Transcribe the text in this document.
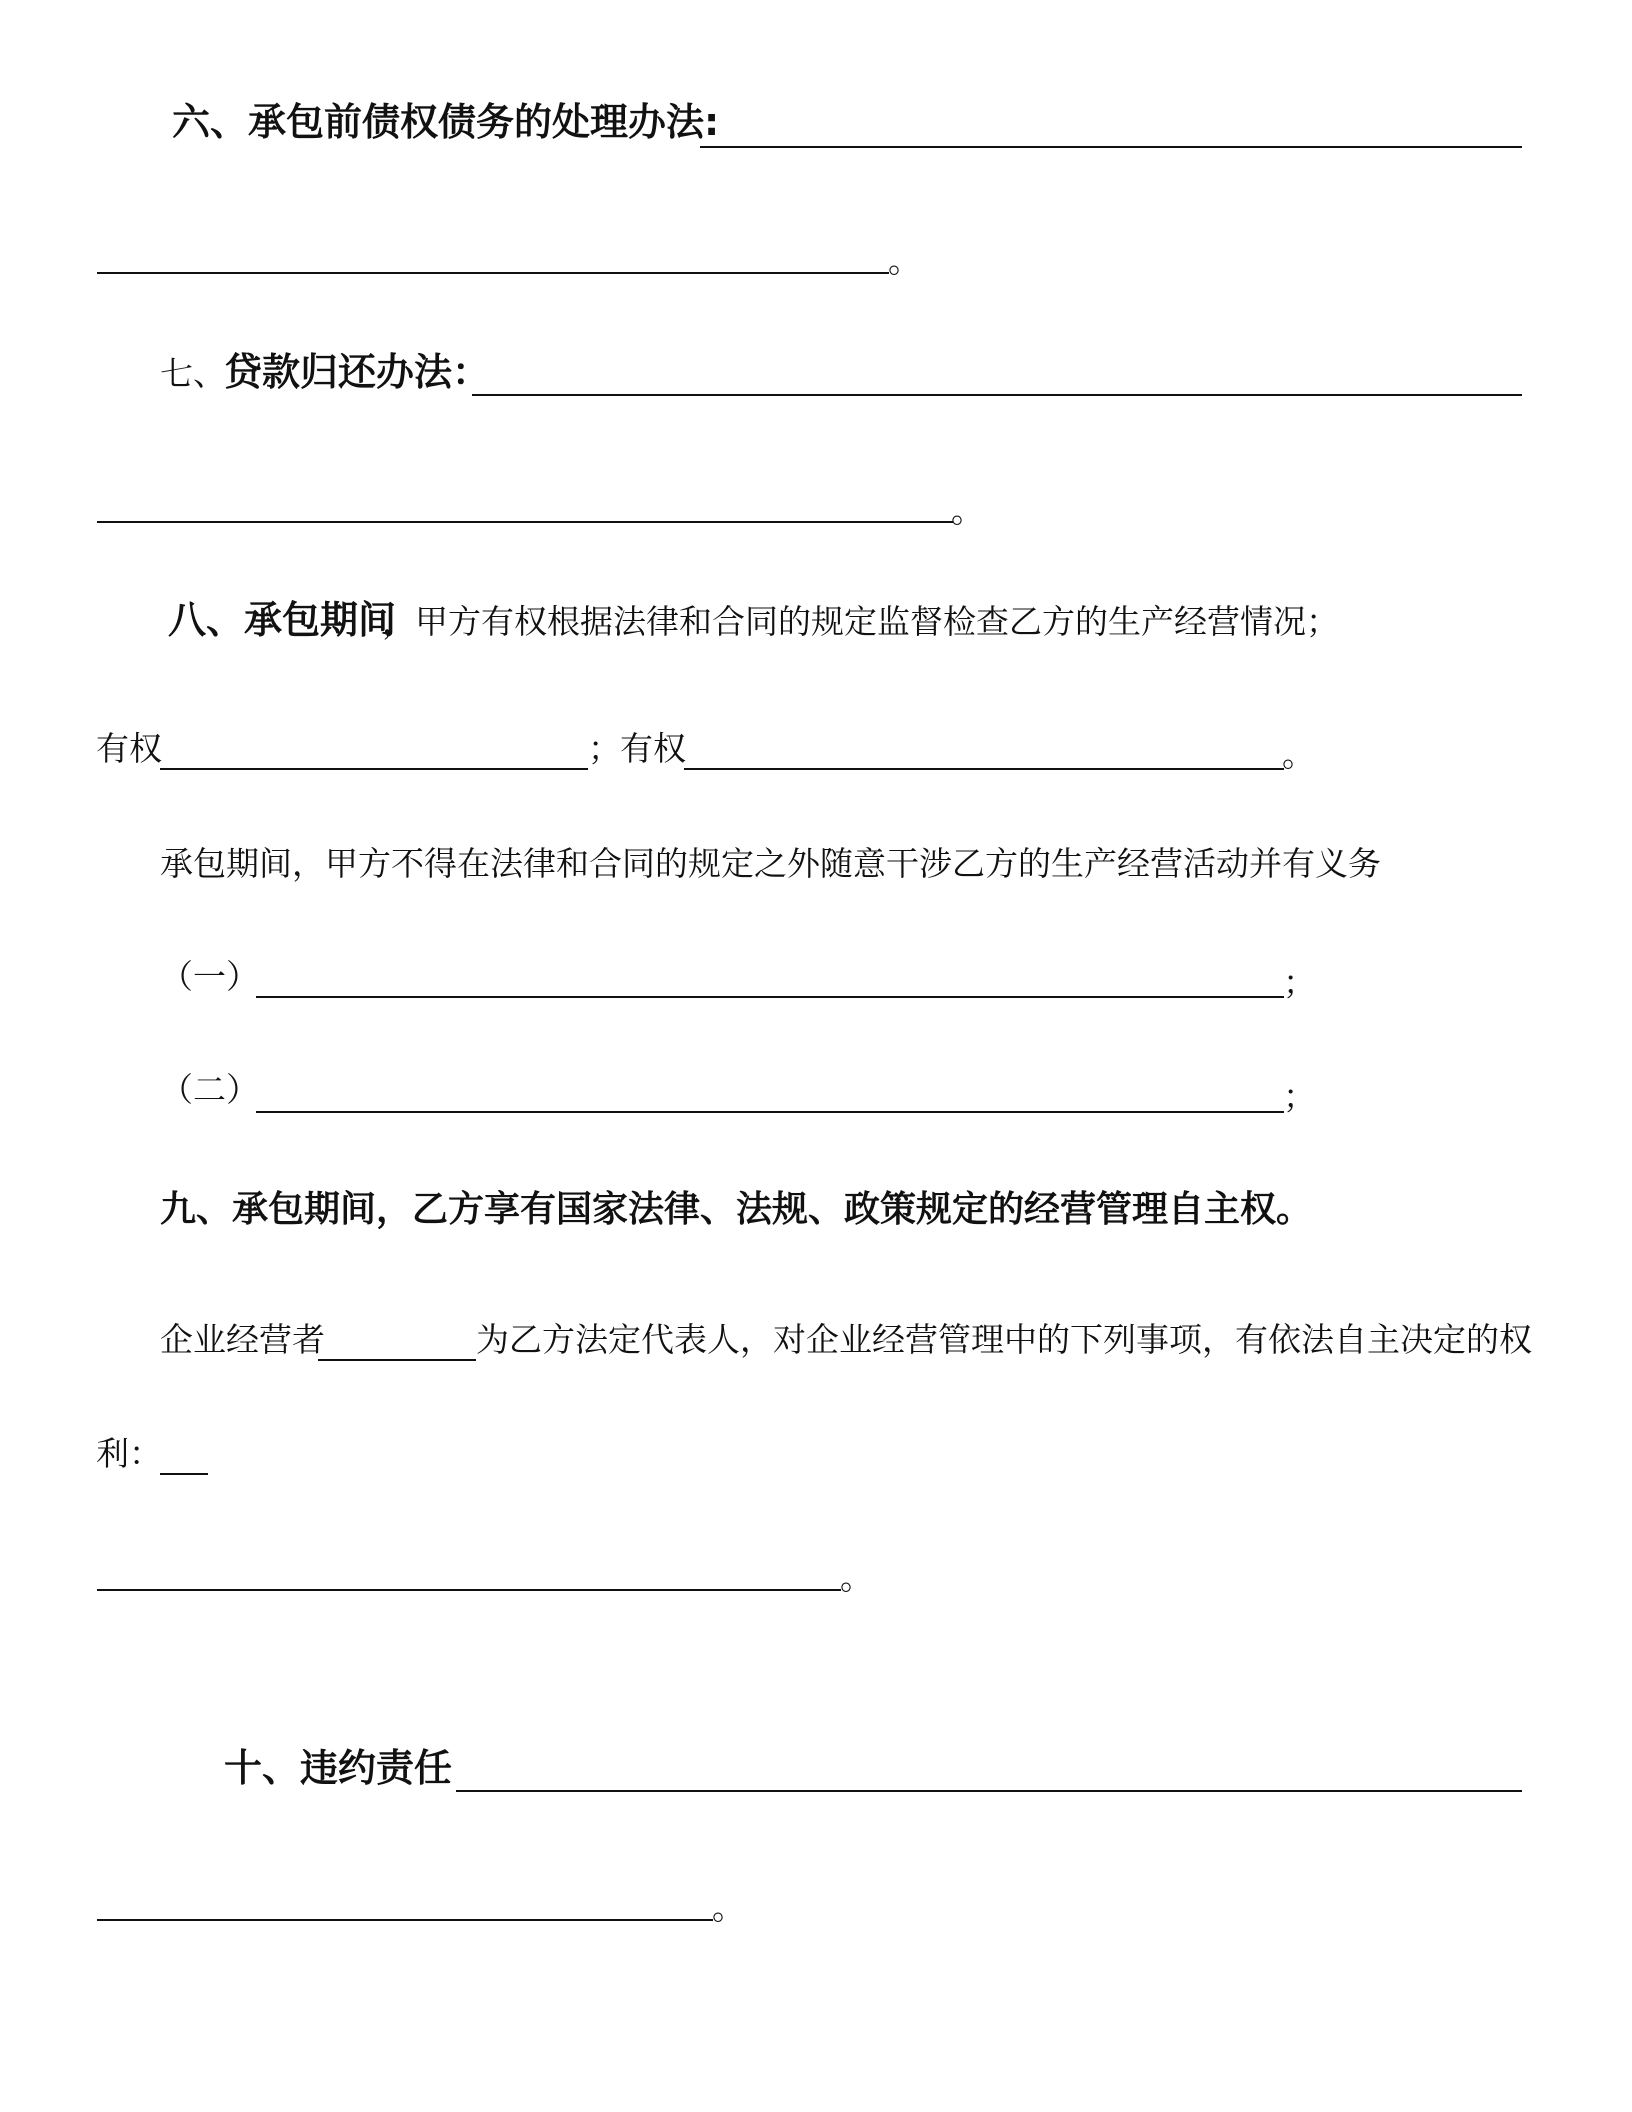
六、承包前债权债务的处理办法:
。
七、
贷款归还办法：
。
八、承包期间
，甲方有权根据法律和合同的规定监督检查乙方的生产经营情况；
有权	； 有权	。
承包期间，甲方不得在法律和合同的规定之外随意干涉乙方的生产经营活动并有义务
（一）	；
（二）	；
九、承包期间，乙方享有国家法律、法规、政策规定的经营管理自主权。
企业经营者	为乙方法定代表人，对企业经营管理中的下列事项，有依法自主决定的权
利：
。
十、违约责任
。
